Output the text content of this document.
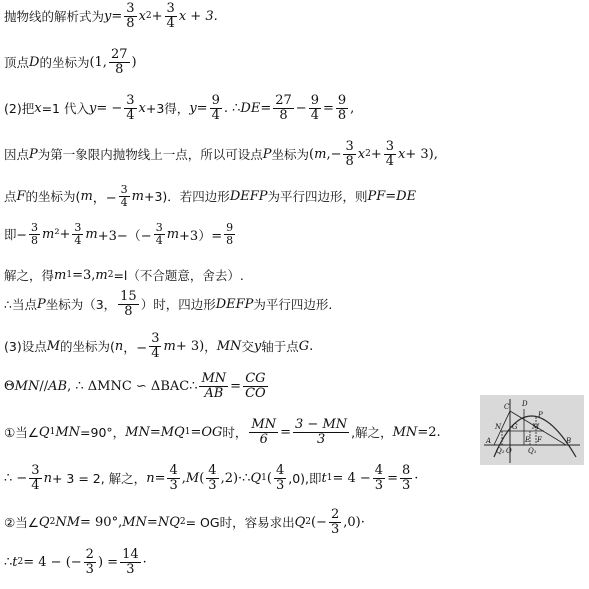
抛物线的解析式为 $y = \frac{3}{8}$ x $2 + \frac{3}{4}$ x + 3.
顶点 D 的坐标为 (1, $\frac{27}{8}$ )
(2)把 x =1 代入 y = − $\frac{3}{4}$ x +3得， $y = \frac{9}{4}$ . ∴ DE = $\frac{27}{8} - \frac{9}{4} = \frac{9}{8}$ ,
因点 P 为第一象限内抛物线上一点，所以可设点 P 坐标为 ( m ,− $\frac{3}{8}$ x $2 + \frac{3}{4}$ x + 3),
点 F 的坐标为( m ，− $\frac{3}{4}$ m +3)．若四边形 DEFP 为平行四边形，则 PF=DE
即− $\frac{3}{8}$ m $^2+ \frac{3}{4}$ $m +3-(- \frac{3}{4}$ $m +3)= \frac{9}{8}$
解之，得 m 1 =3, m 2 =l（不合题意，舍去）.
∴当点 P 坐标为（3， $\frac{15}{8}$ ）时，四边形 DEFP 为平行四边形.
(3)设点 M 的坐标为( n ，− $\frac{3}{4}$ m + 3) ， MN 交 y 轴于点 G .
Θ MN // AB , ∴ ΔMNC ∽ ΔBAC∴ $\frac{MN}{AB} = \frac{CG}{CO}$
①当∠ Q 1 MN =90°， MN = MQ 1 = OG 时， $\frac{MN}{6} = \frac{3 - MN}{3}$ ,解之， MN =2.
∴ − $\frac{3}{4}$ n + 3 = 2, 解之， $n = \frac{4}{3}$ , M ( $\frac{4}{3} ,2)\cdot$ ∴ Q 1 ( $\frac{4}{3} ,0$),即 t $1 = 4 - \frac{4}{3} = \frac{8}{3}$ ·
②当∠ Q 2 NM = 90°, MN = NQ 2 = OG时，容易求出 Q 2 (− $\frac{2}{3} ,0)\cdot$
∴ t 2 = 4 − (− $\frac{2}{3}$ ) = $\frac{14}{3}$ ·
C D
P
M
A
Q₂ O Q₁
B
E F
N G
